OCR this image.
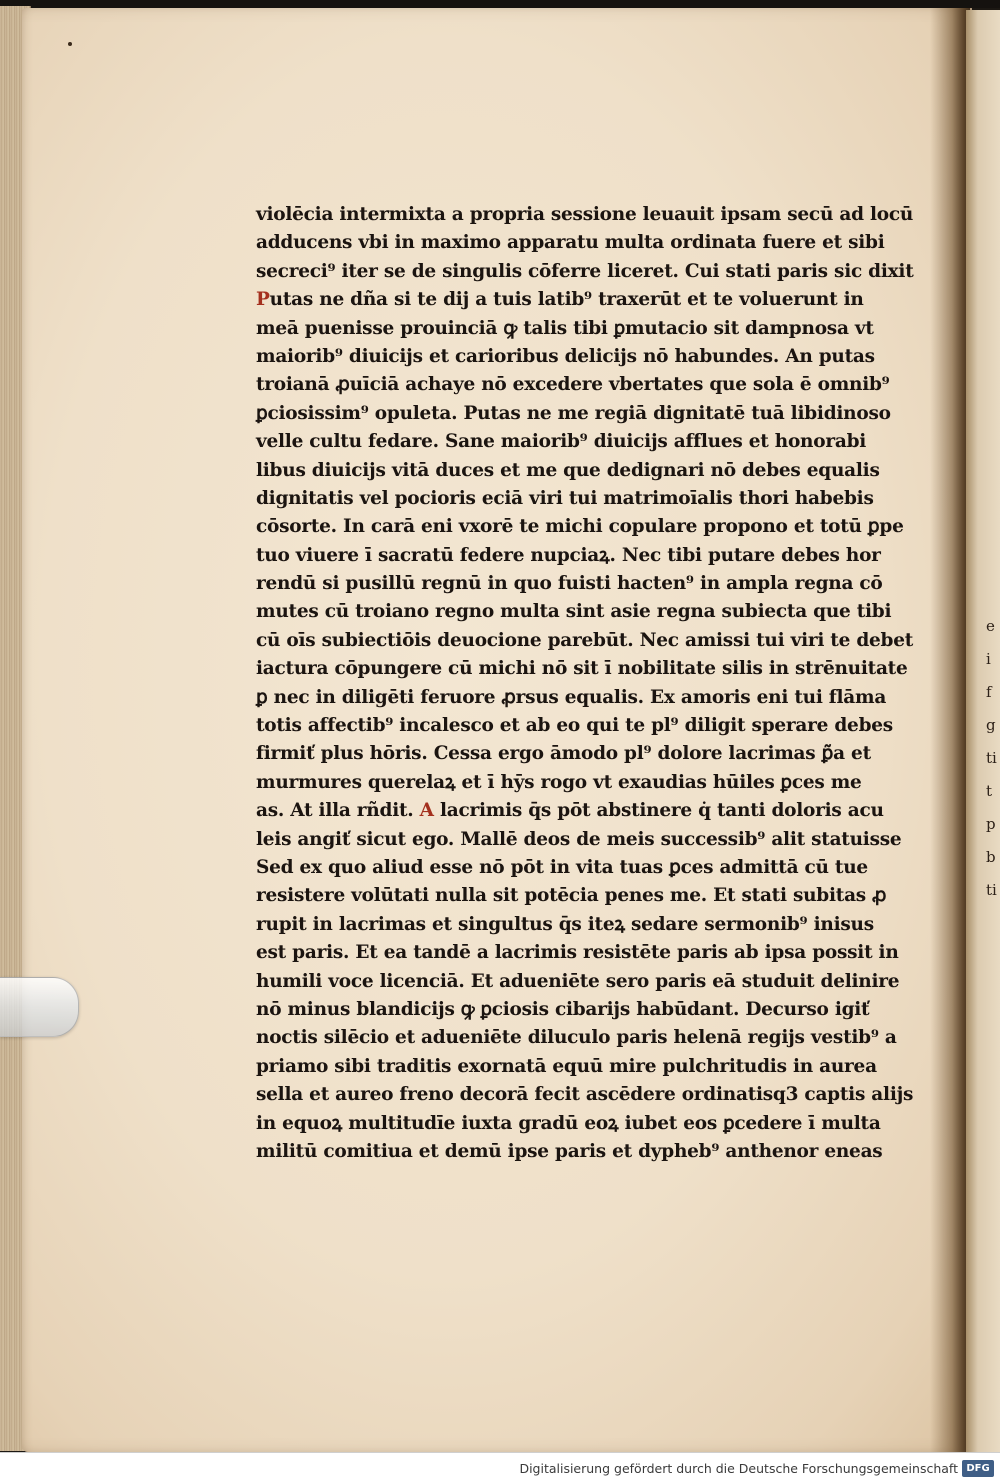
e
i
f
g
ti
t
p
b
ti
violēcia intermixta a propria sessione leuauit ipsam secū ad locū
adducens vbi in maximo apparatu multa ordinata fuere et sibi
secreci⁹ iter se de singulis cōferre liceret. Cui stati paris sic dixit
Putas ne dña si te dij a tuis latib⁹ traxerūt et te voluerunt in
meā puenisse prouinciā ꝙ talis tibi ꝑmutacio sit dampnosa vt
maiorib⁹ diuicijs et carioribus delicijs nō habundes. An putas
troianā ꝓuīciā achaye nō excedere vbertates que sola ē omnib⁹
ꝑciosissim⁹ opuleta. Putas ne me regiā dignitatē tuā libidinoso
velle cultu fedare. Sane maiorib⁹ diuicijs afflues et honorabi
libus diuicijs vitā duces et me que dedignari nō debes equalis
dignitatis vel pocioris eciā viri tui matrimoīalis thori habebis
cōsorte. In carā eni vxorē te michi copulare propono et totū ꝑpe
tuo viuere ī sacratū federe nupciaꝝ. Nec tibi putare debes hor
rendū si pusillū regnū in quo fuisti hacten⁹ in ampla regna cō
mutes cū troiano regno multa sint asie regna subiecta que tibi
cū oīs subiectiōis deuocione parebūt. Nec amissi tui viri te debet
iactura cōpungere cū michi nō sit ī nobilitate silis in strēnuitate
ꝑ nec in diligēti feruore ꝓrsus equalis. Ex amoris eni tui flāma
totis affectib⁹ incalesco et ab eo qui te pl⁹ diligit sperare debes
firmiť plus hōris. Cessa ergo āmodo pl⁹ dolore lacrimas ꝑ͂a et
murmures querelaꝝ et ī hȳs rogo vt exaudias hūiles ꝑces me
as. At illa rñdit. A lacrimis q̄s pōt abstinere q̇ tanti doloris acu
leis angiť sicut ego. Mallē deos de meis successib⁹ alit statuisse
Sed ex quo aliud esse nō pōt in vita tuas ꝑces admittā cū tue
resistere volūtati nulla sit potēcia penes me. Et stati subitas ꝓ
rupit in lacrimas et singultus q̄s iteꝝ sedare sermonib⁹ inisus
est paris. Et ea tandē a lacrimis resistēte paris ab ipsa possit in
humili voce licenciā. Et adueniēte sero paris eā studuit delinire
nō minus blandicijs ꝙ ꝑciosis cibarijs habūdant. Decurso igiť
noctis silēcio et adueniēte diluculo paris helenā regijs vestib⁹ a
priamo sibi traditis exornatā equū mire pulchritudis in aurea
sella et aureo freno decorā fecit ascēdere ordinatisq3 captis alijs
in equoꝝ multitudīe iuxta gradū eoꝝ iubet eos ꝑcedere ī multa
militū comitiua et demū ipse paris et dypheb⁹ anthenor eneas
Digitalisierung gefördert durch die Deutsche Forschungsgemeinschaft DFG
